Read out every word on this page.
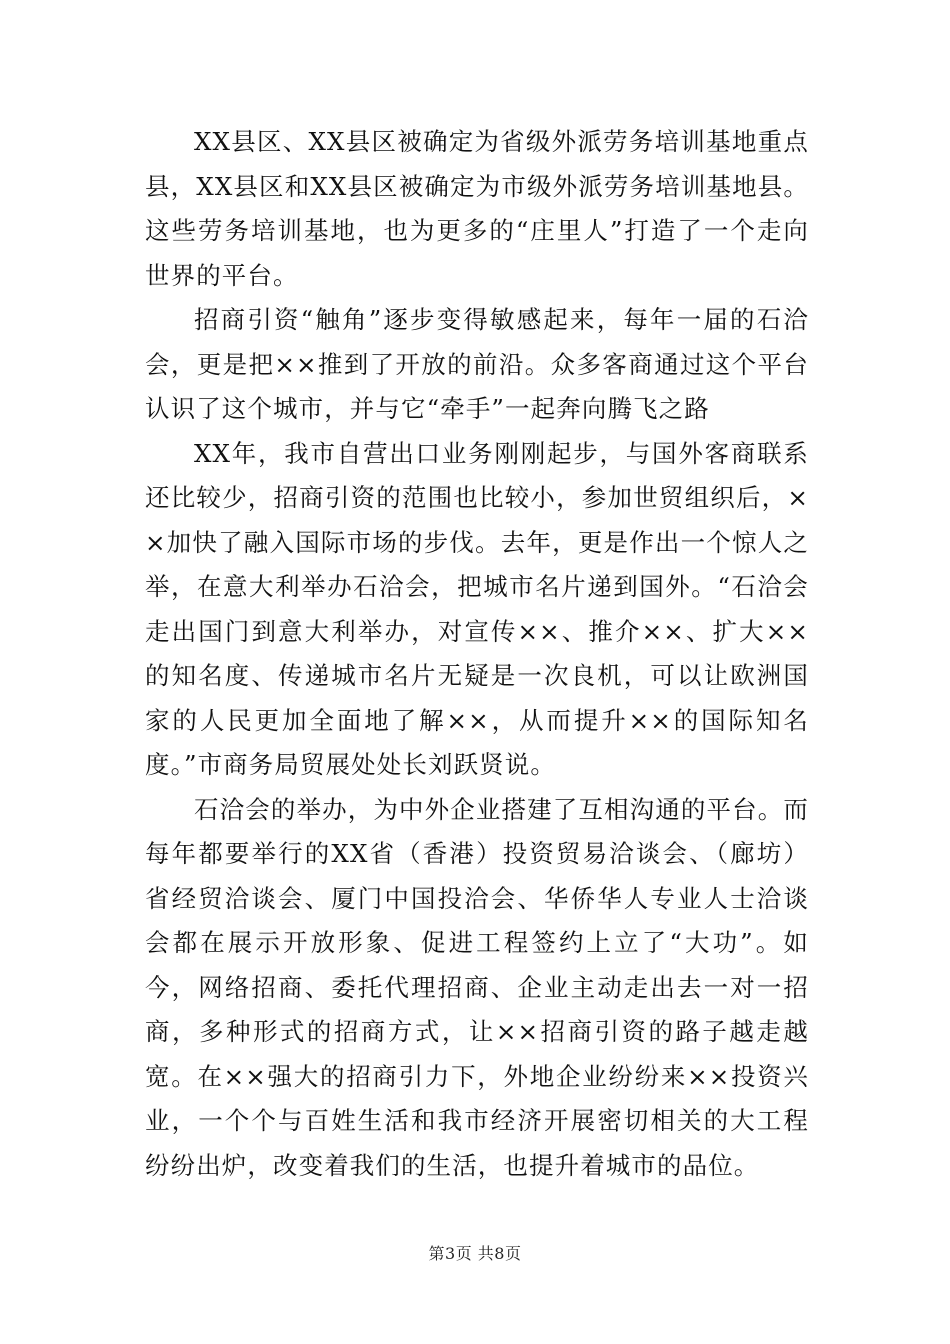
XX县区、XX县区被确定为省级外派劳务培训基地重点县，XX县区和XX县区被确定为市级外派劳务培训基地县。这些劳务培训基地，也为更多的“庄里人”打造了一个走向世界的平台。

招商引资“触角”逐步变得敏感起来，每年一届的石洽会，更是把××推到了开放的前沿。众多客商通过这个平台认识了这个城市，并与它“牵手”一起奔向腾飞之路

XX年，我市自营出口业务刚刚起步，与国外客商联系还比较少，招商引资的范围也比较小，参加世贸组织后，××加快了融入国际市场的步伐。去年，更是作出一个惊人之举，在意大利举办石洽会，把城市名片递到国外。“石洽会走出国门到意大利举办，对宣传××、推介××、扩大××的知名度、传递城市名片无疑是一次良机，可以让欧洲国家的人民更加全面地了解××，从而提升××的国际知名度。”市商务局贸展处处长刘跃贤说。

石洽会的举办，为中外企业搭建了互相沟通的平台。而每年都要举行的XX省（香港）投资贸易洽谈会、（廊坊）省经贸洽谈会、厦门中国投洽会、华侨华人专业人士洽谈会都在展示开放形象、促进工程签约上立了“大功”。如今，网络招商、委托代理招商、企业主动走出去一对一招商，多种形式的招商方式，让××招商引资的路子越走越宽。在××强大的招商引力下，外地企业纷纷来××投资兴业，一个个与百姓生活和我市经济开展密切相关的大工程纷纷出炉，改变着我们的生活，也提升着城市的品位。

第3页 共8页
